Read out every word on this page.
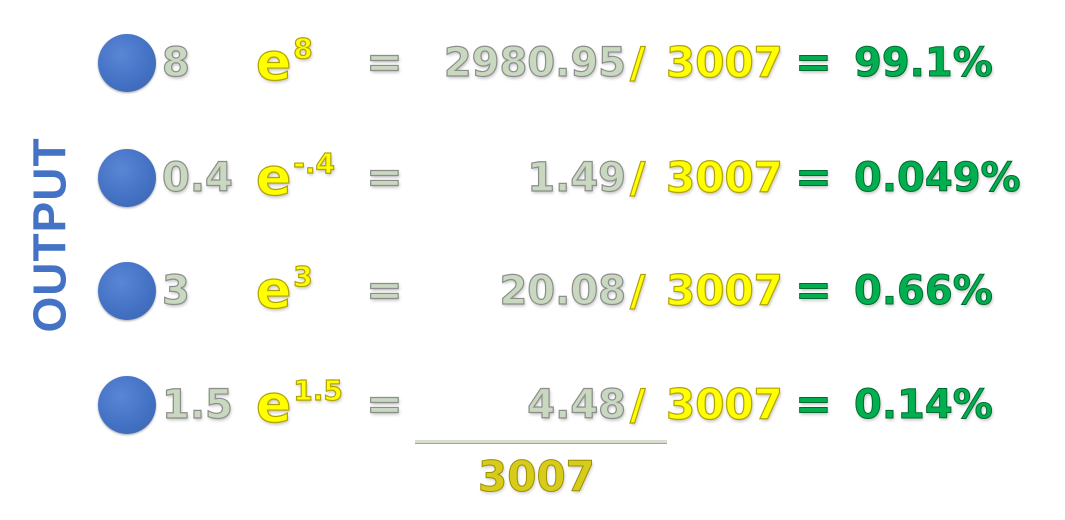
OUTPUT
8 $e^8$ =	2980.95 / 3007 = 99.1%
0.4 $e^{-.4}$ =	1.49 / 3007 = 0.049%
3 $e^3$ =	20.08 / 3007 = 0.66%
1.5 $e^{1.5}$ =	4.48 / 3007 = 0.14%
3007
